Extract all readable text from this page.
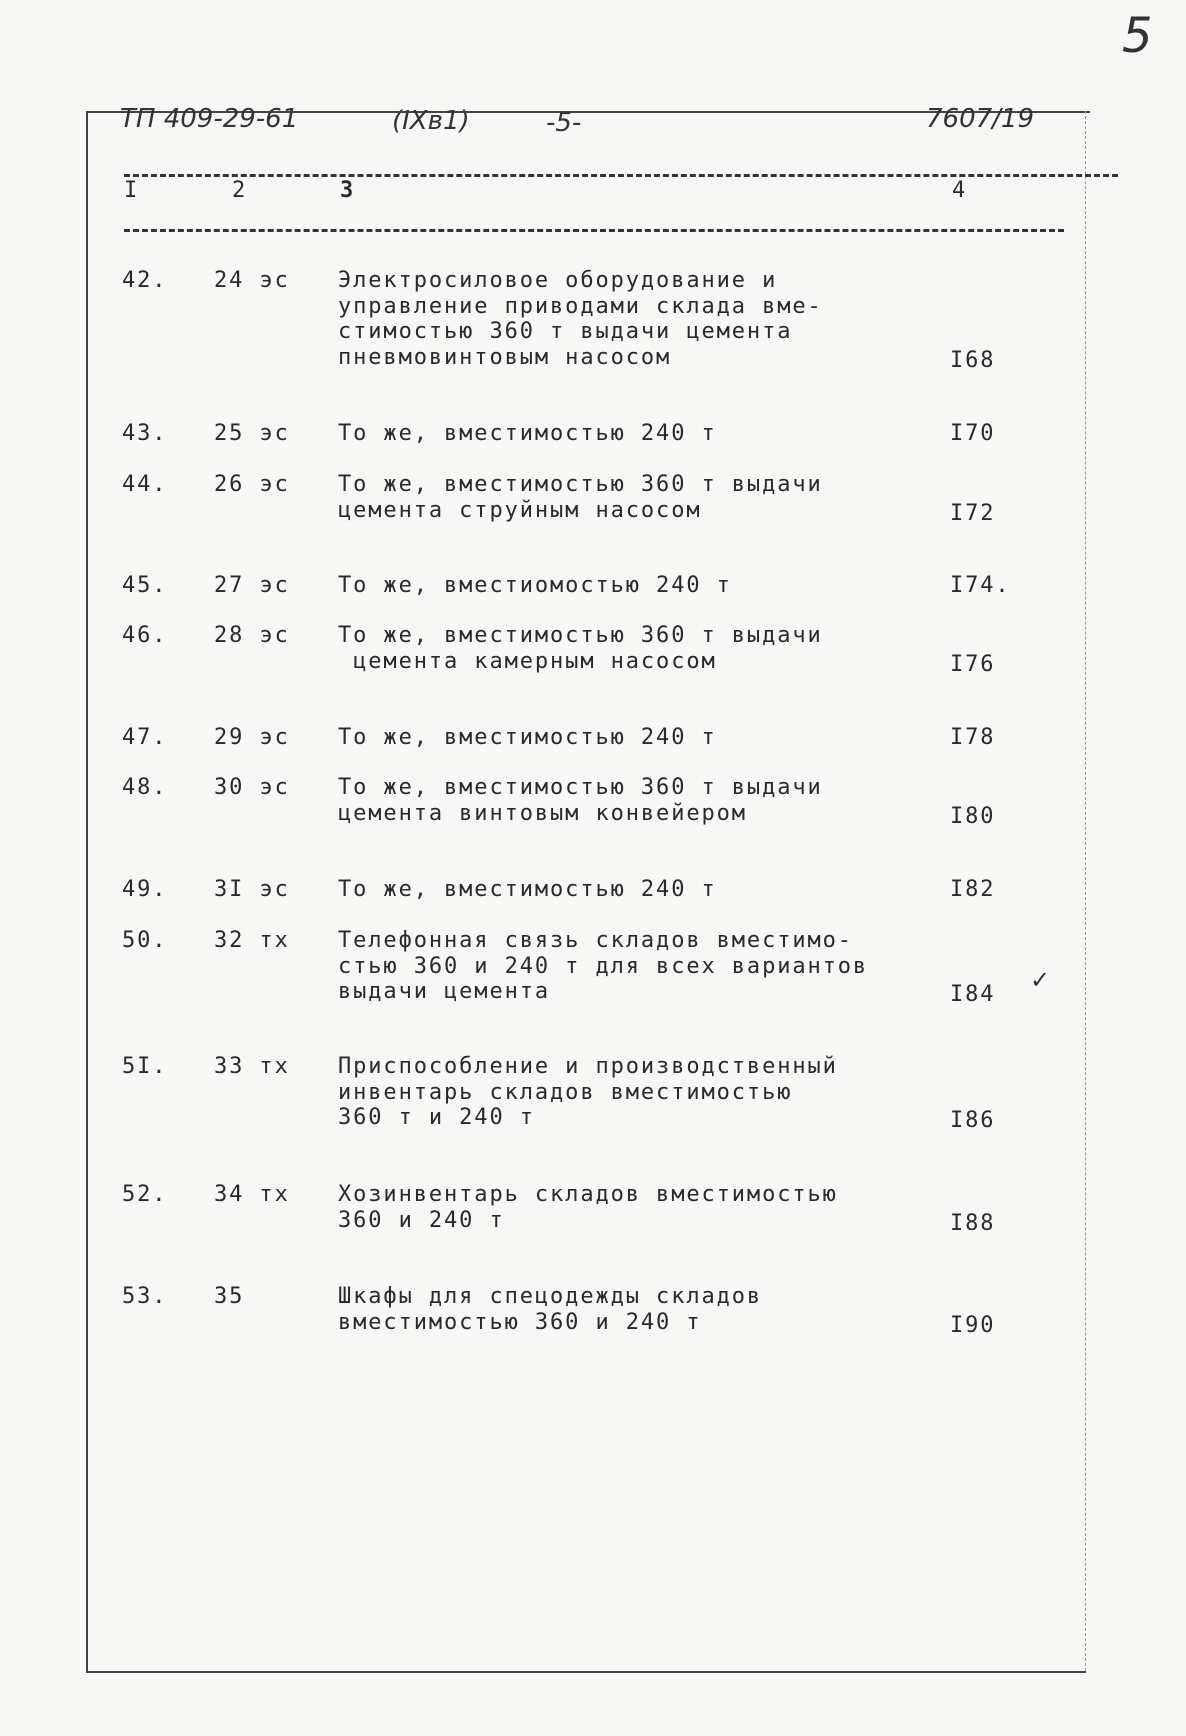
5
ТП 409-29-61	(IXв1)	-5-	7607/19
I	2	3	4
42. 24 эс Электросиловое оборудование и
управление приводами склада вме-
стимостью 360 т выдачи цемента
пневмовинтовым насосом	I68
43. 25 эс То же, вместимостью 240 т	I70
44. 26 эс То же, вместимостью 360 т выдачи
цемента струйным насосом	I72
45. 27 эс То же, вместиомостью 240 т	I74.
46. 28 эс То же, вместимостью 360 т выдачи
цемента камерным насосом	I76
47. 29 эс То же, вместимостью 240 т	I78
48. 30 эс То же, вместимостью 360 т выдачи
цемента винтовым конвейером	I80
49. 3I эс То же, вместимостью 240 т	I82
50. 32 тх Телефонная связь складов вместимо-
стью 360 и 240 т для всех вариантов
выдачи цемента	I84
5I. 33 тх Приспособление и производственный
инвентарь складов вместимостью
360 т и 240 т	I86
52. 34 тх Хозинвентарь складов вместимостью
360 и 240 т	I88
53. 35	Шкафы для спецодежды складов
вместимостью 360 и 240 т	I90
✓
